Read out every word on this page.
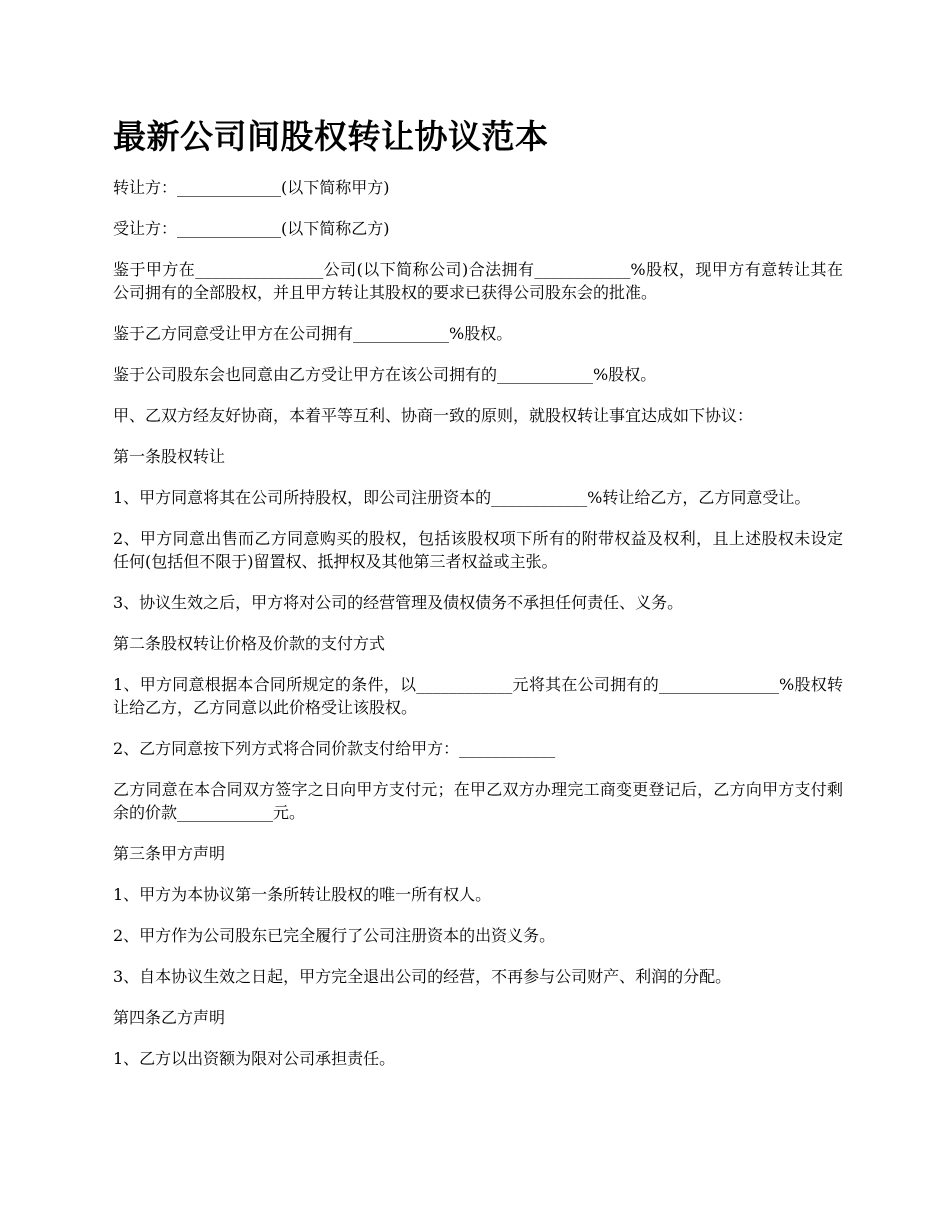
最新公司间股权转让协议范本

转让方：_____________(以下简称甲方)

受让方：_____________(以下简称乙方)

鉴于甲方在________________公司(以下简称公司)合法拥有____________%股权，现甲方有意转让其在公司拥有的全部股权，并且甲方转让其股权的要求已获得公司股东会的批准。

鉴于乙方同意受让甲方在公司拥有____________%股权。

鉴于公司股东会也同意由乙方受让甲方在该公司拥有的____________%股权。

甲、乙双方经友好协商，本着平等互利、协商一致的原则，就股权转让事宜达成如下协议：

第一条股权转让

1、甲方同意将其在公司所持股权，即公司注册资本的____________%转让给乙方，乙方同意受让。

2、甲方同意出售而乙方同意购买的股权，包括该股权项下所有的附带权益及权利，且上述股权未设定任何(包括但不限于)留置权、抵押权及其他第三者权益或主张。

3、协议生效之后，甲方将对公司的经营管理及债权债务不承担任何责任、义务。

第二条股权转让价格及价款的支付方式

1、甲方同意根据本合同所规定的条件，以____________元将其在公司拥有的_______________%股权转让给乙方，乙方同意以此价格受让该股权。

2、乙方同意按下列方式将合同价款支付给甲方：____________

乙方同意在本合同双方签字之日向甲方支付元；在甲乙双方办理完工商变更登记后，乙方向甲方支付剩余的价款____________元。

第三条甲方声明

1、甲方为本协议第一条所转让股权的唯一所有权人。

2、甲方作为公司股东已完全履行了公司注册资本的出资义务。

3、自本协议生效之日起，甲方完全退出公司的经营，不再参与公司财产、利润的分配。

第四条乙方声明

1、乙方以出资额为限对公司承担责任。
